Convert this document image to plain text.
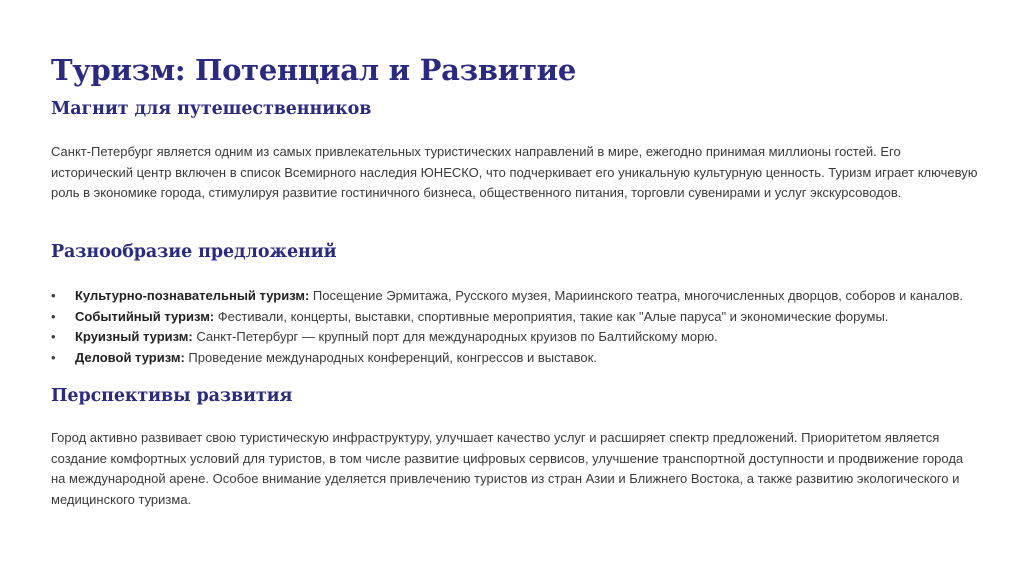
Туризм: Потенциал и Развитие
Магнит для путешественников

Санкт-Петербург является одним из самых привлекательных туристических направлений в мире, ежегодно принимая миллионы гостей. Его исторический центр включен в список Всемирного наследия ЮНЕСКО, что подчеркивает его уникальную культурную ценность. Туризм играет ключевую роль в экономике города, стимулируя развитие гостиничного бизнеса, общественного питания, торговли сувенирами и услуг экскурсоводов.

Разнообразие предложений
• Культурно-познавательный туризм: Посещение Эрмитажа, Русского музея, Мариинского театра, многочисленных дворцов, соборов и каналов.
• Событийный туризм: Фестивали, концерты, выставки, спортивные мероприятия, такие как "Алые паруса" и экономические форумы.
• Круизный туризм: Санкт-Петербург — крупный порт для международных круизов по Балтийскому морю.
• Деловой туризм: Проведение международных конференций, конгрессов и выставок.
Перспективы развития

Город активно развивает свою туристическую инфраструктуру, улучшает качество услуг и расширяет спектр предложений. Приоритетом является создание комфортных условий для туристов, в том числе развитие цифровых сервисов, улучшение транспортной доступности и продвижение города на международной арене. Особое внимание уделяется привлечению туристов из стран Азии и Ближнего Востока, а также развитию экологического и медицинского туризма.
